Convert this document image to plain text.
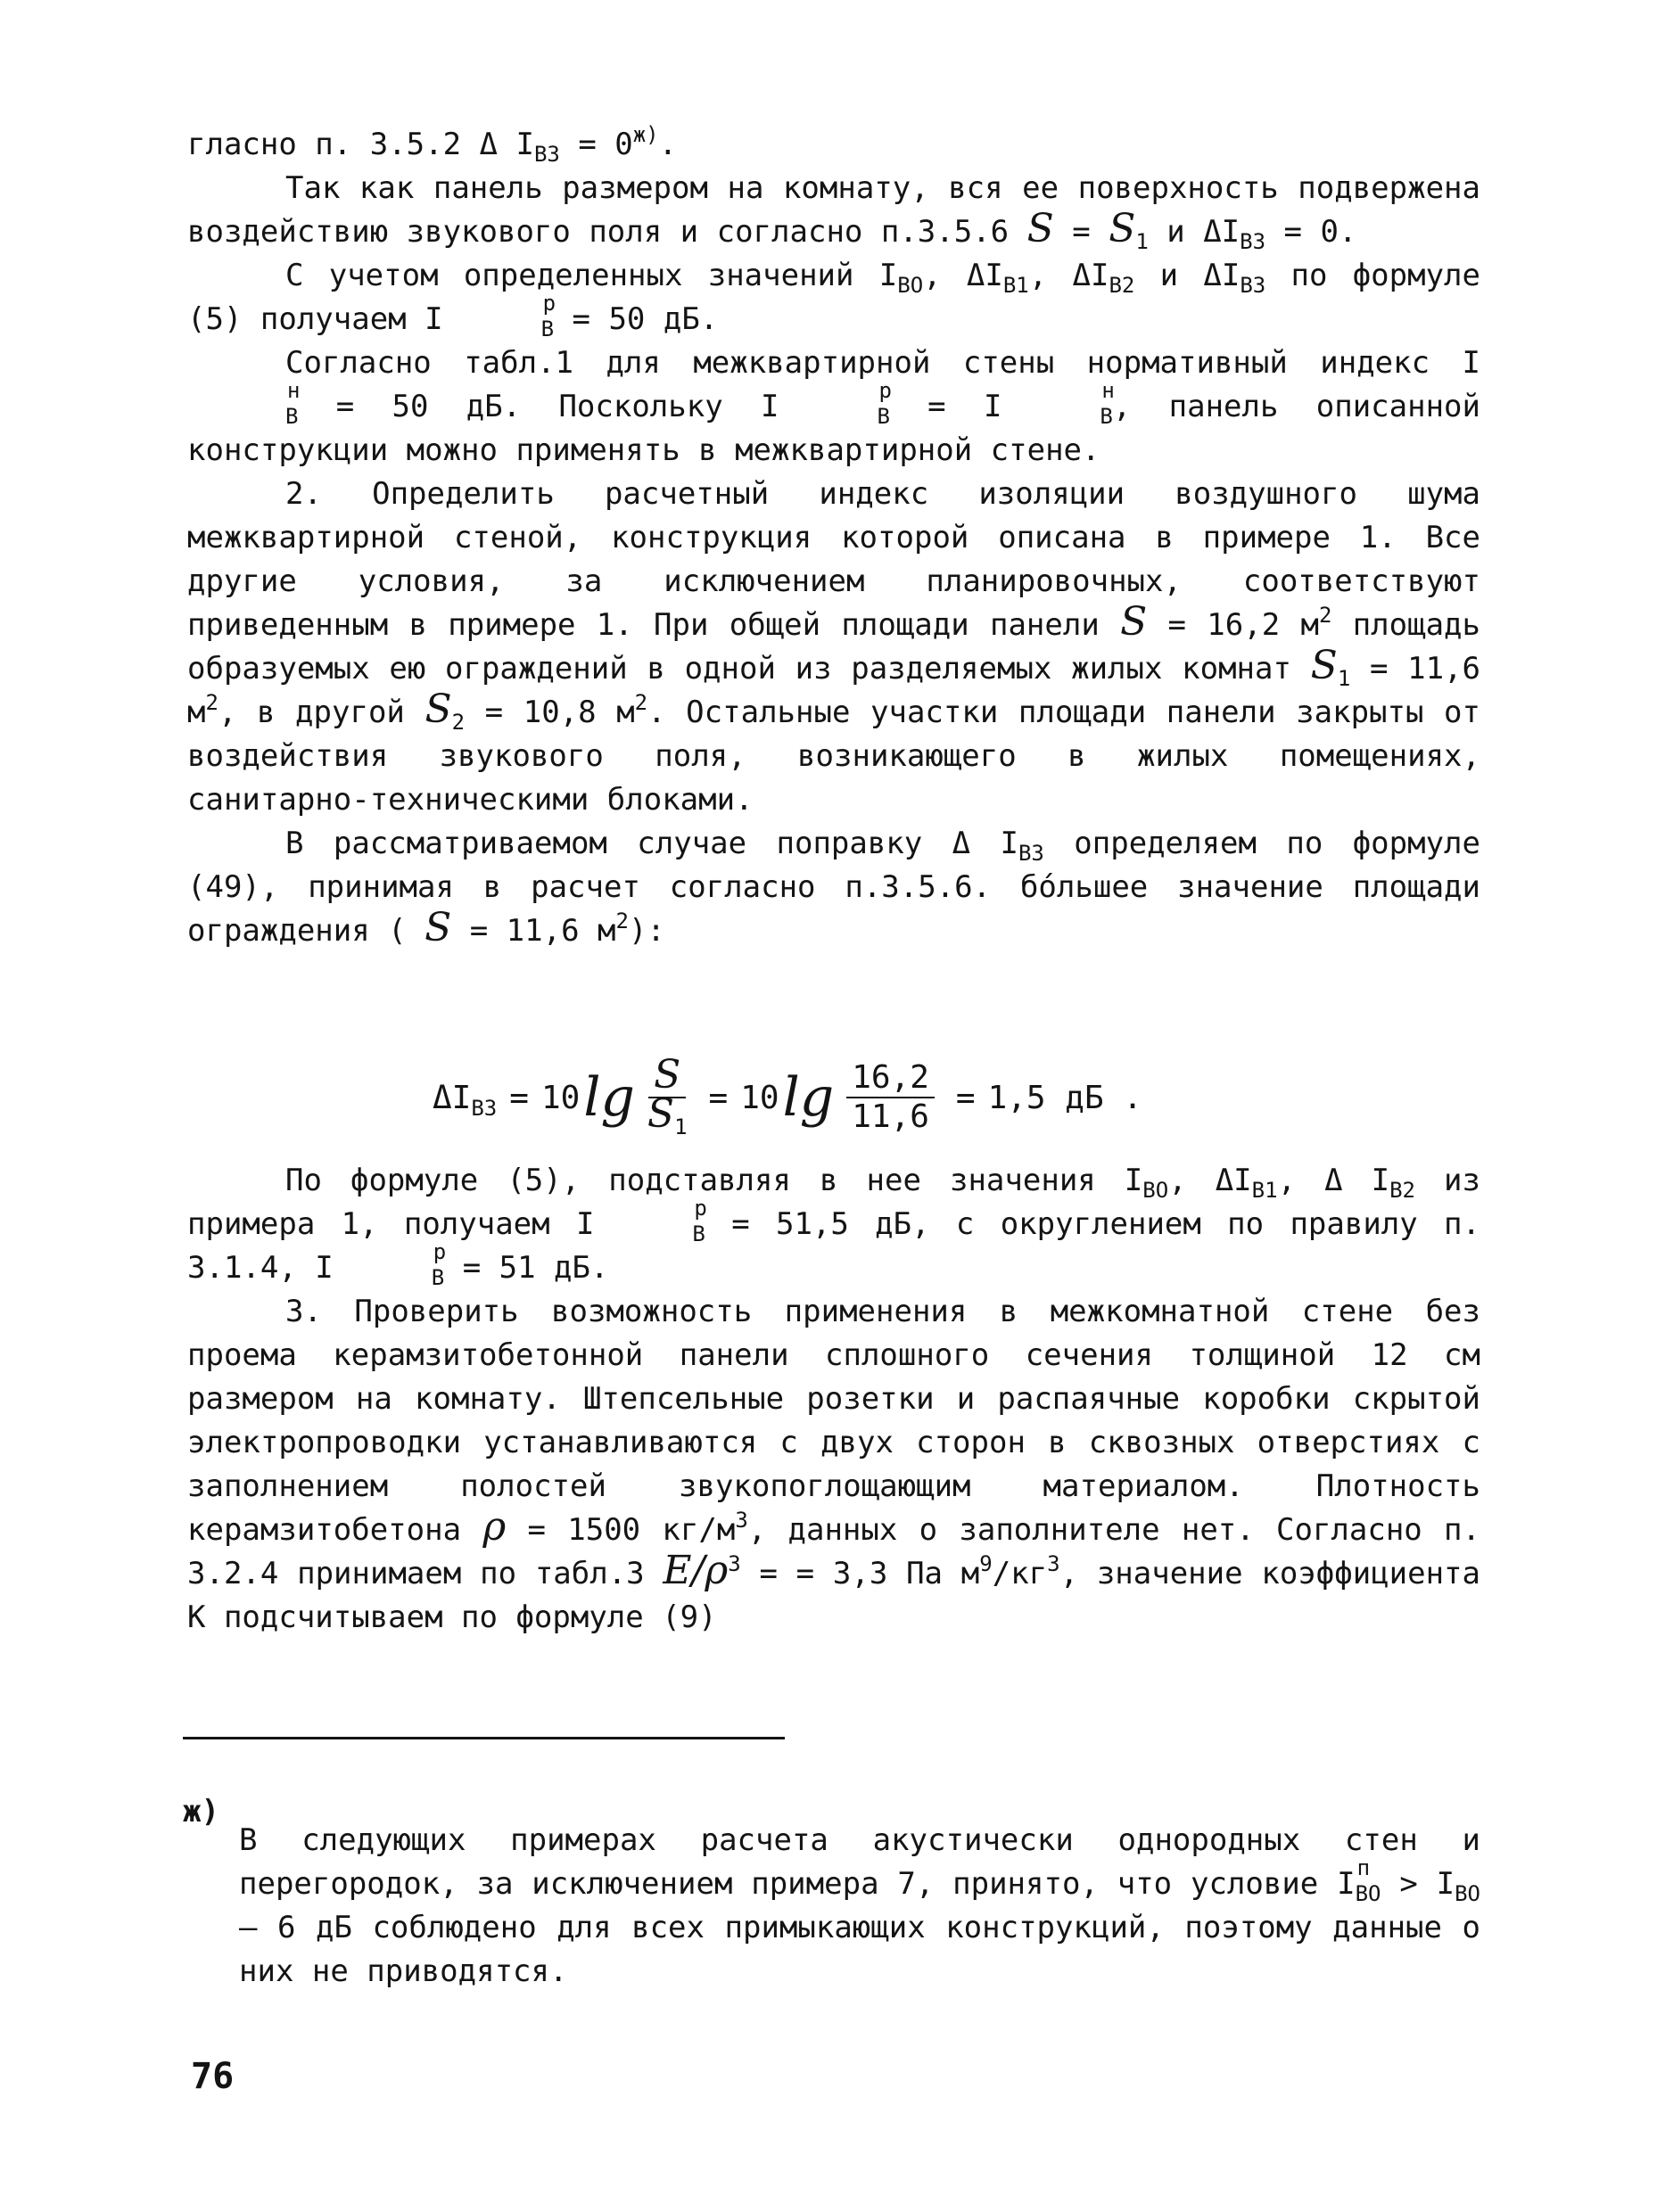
гласно п. 3.5.2 Δ $I_{В3} = 0^{ж)}$.

Так как панель размером на комнату, вся ее поверхность подвержена воздействию звукового поля и согласно п.3.5.6 $S = S_1$ и $\Delta I_{В3} = 0$.

С учетом определенных значений $I_{ВО}$, $\Delta I_{В1}$, $\Delta I_{В2}$ и $\Delta I_{В3}$ по формуле (5) получаем I	р
$_В$ = 50 дБ.

Согласно табл.1 для межквартирной стены нормативный индекс I
н
$_В$ = 50 дБ. Поскольку I	р
$_В$ = I	н
$_В$, панель описанной конструкции можно применять в межквартирной стене.

2. Определить расчетный индекс изоляции воздушного шума межквартирной стеной, конструкция которой описана в примере 1. Все другие условия, за исключением планировочных, соответствуют приведенным в примере 1. При общей площади панели S = 16,2 $м^2$ площадь образуемых ею ограждений в одной из разделяемых жилых комнат $S_1 = 11,6$ $м^2$, в другой $S_2 = 10,8$ $м^2$. Остальные участки площади панели закрыты от воздействия звукового поля, возникающего в жилых помещениях, санитарно-техническими блоками.

В рассматриваемом случае поправку Δ $I_{В3}$ определяем по формуле (49), принимая в расчет согласно п.3.5.6. бóльшее значение площади ограждения ( S = 11,6 $м^2$):

$\Delta I_{ВЗ} = 10$ $\lg \frac{S}{S_1} = 10$ $\lg \frac{16,2}{11,6} = 1,5$ дБ .

По формуле (5), подставляя в нее значения $I_{ВО}$, $\Delta I_{В1}$, Δ $I_{В2}$ из примера 1, получаем I	р
$_В$ = 51,5 дБ, с округлением по правилу п. 3.1.4, I	р
$_В$ = 51 дБ.

3. Проверить возможность применения в межкомнатной стене без проема керамзитобетонной панели сплошного сечения толщиной 12 см размером на комнату. Штепсельные розетки и распаячные коробки скрытой электропроводки устанавливаются с двух сторон в сквозных отверстиях с заполнением полостей звукопоглощающим материалом. Плотность керамзитобетона ρ = 1500 $кг/м^3$, данных о заполнителе нет. Согласно п. 3.2.4 принимаем по табл.3 $E/\rho^3$ = = 3,3 Па $м^9/кг^3$, значение коэффициента К подсчитываем по формуле (9)

ж)

В следующих примерах расчета акустически однородных стен и перегородок, за исключением примера 7, принято, что условие I п
$_{ВО} > I_{ВО} - 6$ дБ соблюдено для всех примыкающих конструкций, поэтому данные о них не приводятся.

76
